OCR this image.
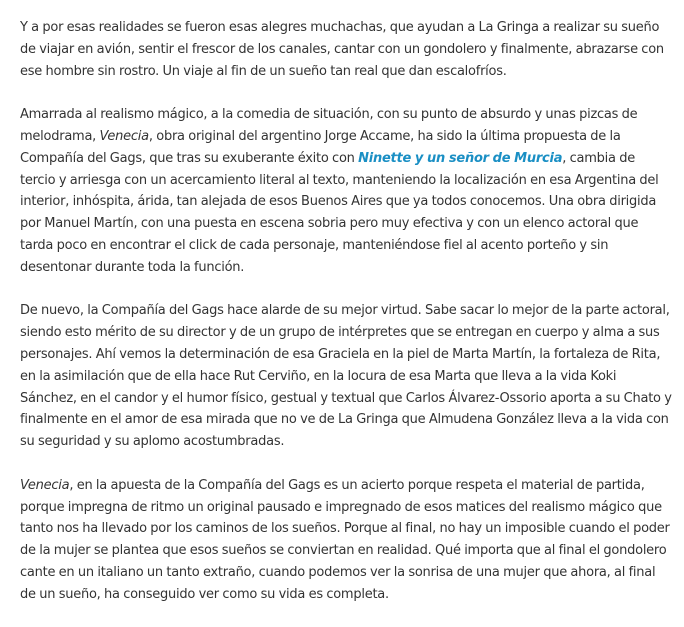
Y a por esas realidades se fueron esas alegres muchachas, que ayudan a La Gringa a realizar su sueño de viajar en avión, sentir el frescor de los canales, cantar con un gondolero y finalmente, abrazarse con ese hombre sin rostro. Un viaje al fin de un sueño tan real que dan escalofríos.

Amarrada al realismo mágico, a la comedia de situación, con su punto de absurdo y unas pizcas de melodrama, Venecia, obra original del argentino Jorge Accame, ha sido la última propuesta de la Compañía del Gags, que tras su exuberante éxito con Ninette y un señor de Murcia, cambia de tercio y arriesga con un acercamiento literal al texto, manteniendo la localización en esa Argentina del interior, inhóspita, árida, tan alejada de esos Buenos Aires que ya todos conocemos. Una obra dirigida por Manuel Martín, con una puesta en escena sobria pero muy efectiva y con un elenco actoral que tarda poco en encontrar el click de cada personaje, manteniéndose fiel al acento porteño y sin desentonar durante toda la función.

De nuevo, la Compañía del Gags hace alarde de su mejor virtud. Sabe sacar lo mejor de la parte actoral, siendo esto mérito de su director y de un grupo de intérpretes que se entregan en cuerpo y alma a sus personajes. Ahí vemos la determinación de esa Graciela en la piel de Marta Martín, la fortaleza de Rita, en la asimilación que de ella hace Rut Cerviño, en la locura de esa Marta que lleva a la vida Koki Sánchez, en el candor y el humor físico, gestual y textual que Carlos Álvarez-Ossorio aporta a su Chato y finalmente en el amor de esa mirada que no ve de La Gringa que Almudena González lleva a la vida con su seguridad y su aplomo acostumbradas.

Venecia, en la apuesta de la Compañía del Gags es un acierto porque respeta el material de partida, porque impregna de ritmo un original pausado e impregnado de esos matices del realismo mágico que tanto nos ha llevado por los caminos de los sueños. Porque al final, no hay un imposible cuando el poder de la mujer se plantea que esos sueños se conviertan en realidad. Qué importa que al final el gondolero cante en un italiano un tanto extraño, cuando podemos ver la sonrisa de una mujer que ahora, al final de un sueño, ha conseguido ver como su vida es completa.
